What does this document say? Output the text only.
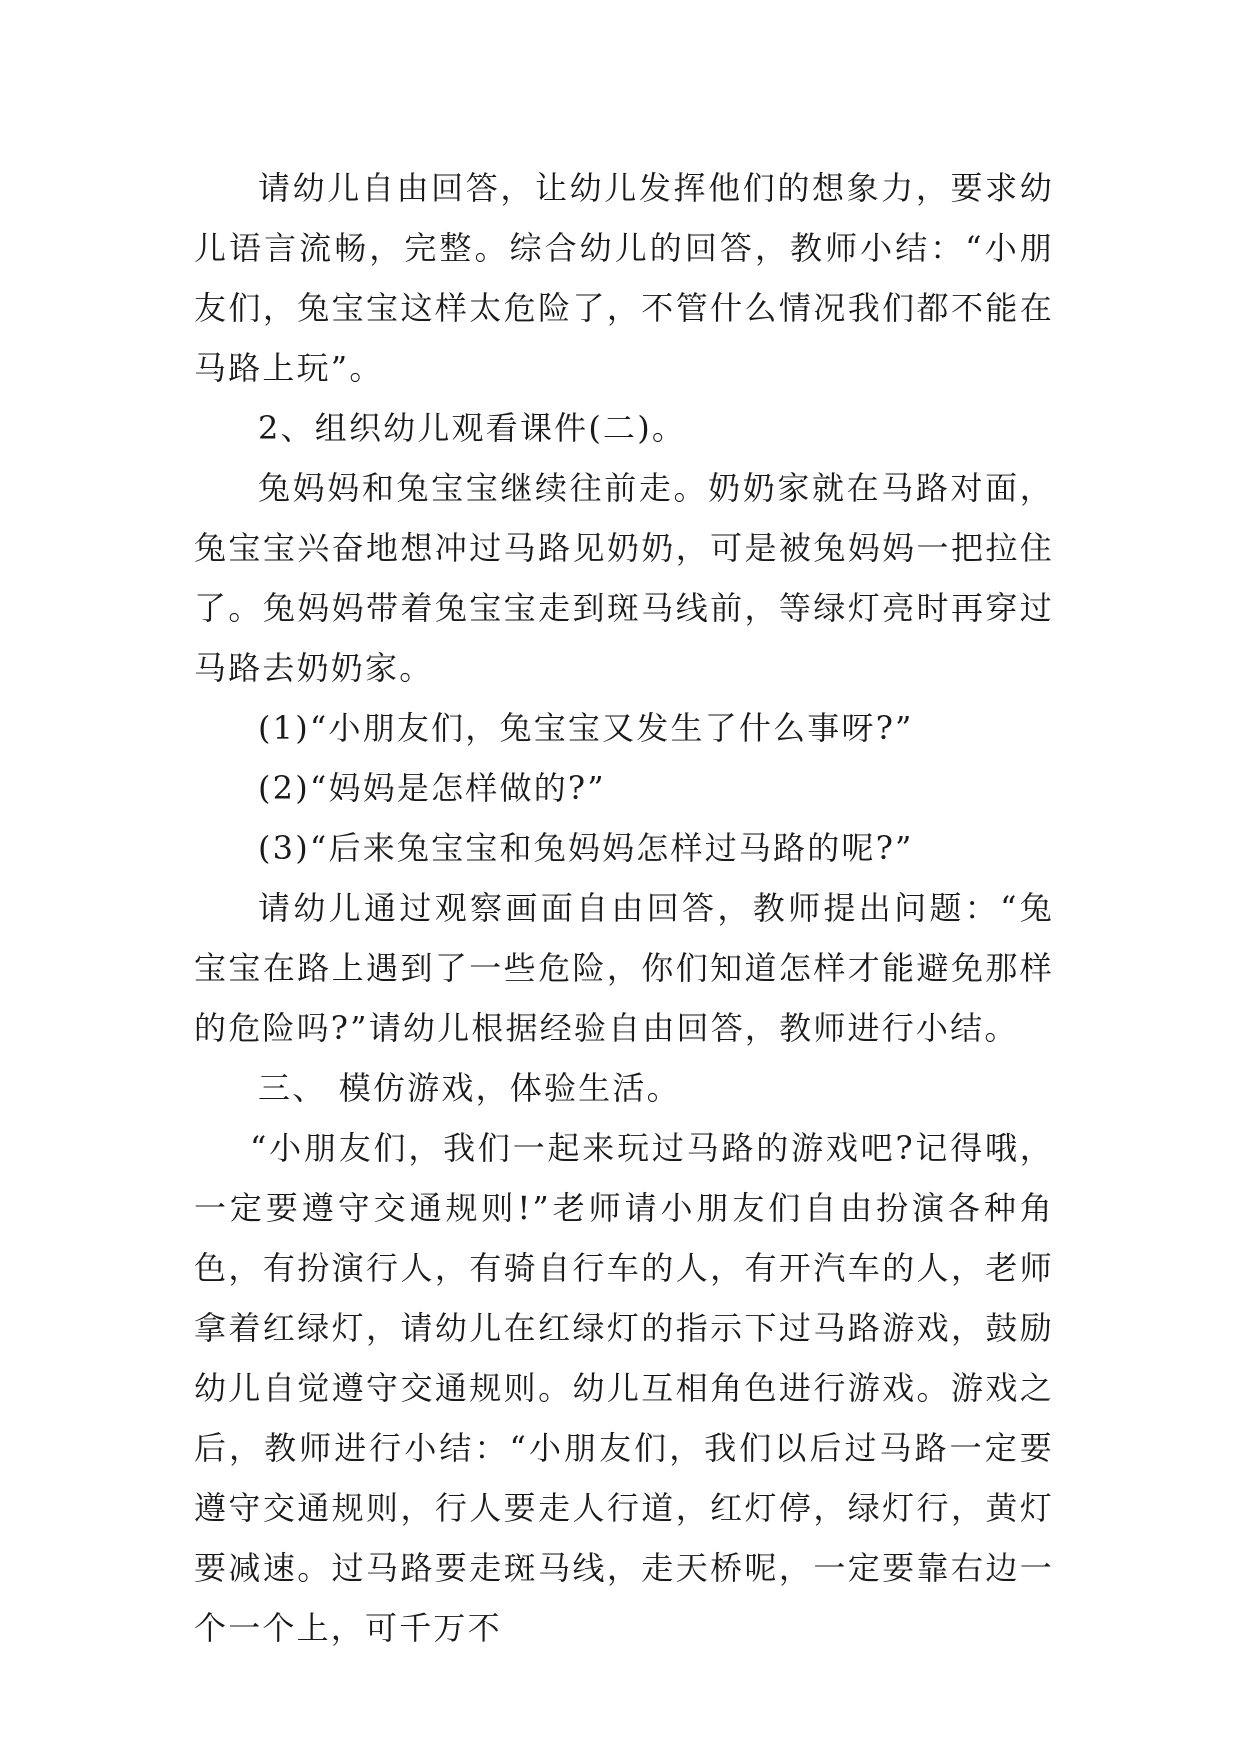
请幼儿自由回答，让幼儿发挥他们的想象力，要求幼儿语言流畅，完整。综合幼儿的回答，教师小结：“小朋友们，兔宝宝这样太危险了，不管什么情况我们都不能在马路上玩”。

2、组织幼儿观看课件(二)。

兔妈妈和兔宝宝继续往前走。奶奶家就在马路对面，兔宝宝兴奋地想冲过马路见奶奶，可是被兔妈妈一把拉住了。兔妈妈带着兔宝宝走到斑马线前，等绿灯亮时再穿过马路去奶奶家。

(1)“小朋友们，兔宝宝又发生了什么事呀?”

(2)“妈妈是怎样做的?”

(3)“后来兔宝宝和兔妈妈怎样过马路的呢?”

请幼儿通过观察画面自由回答，教师提出问题：“兔宝宝在路上遇到了一些危险，你们知道怎样才能避免那样的危险吗?”请幼儿根据经验自由回答，教师进行小结。

三、 模仿游戏，体验生活。

“小朋友们，我们一起来玩过马路的游戏吧?记得哦，一定要遵守交通规则!”老师请小朋友们自由扮演各种角色，有扮演行人，有骑自行车的人，有开汽车的人，老师拿着红绿灯，请幼儿在红绿灯的指示下过马路游戏，鼓励幼儿自觉遵守交通规则。幼儿互相角色进行游戏。游戏之后，教师进行小结：“小朋友们，我们以后过马路一定要遵守交通规则，行人要走人行道，红灯停，绿灯行，黄灯要减速。过马路要走斑马线，走天桥呢，一定要靠右边一个一个上，可千万不
